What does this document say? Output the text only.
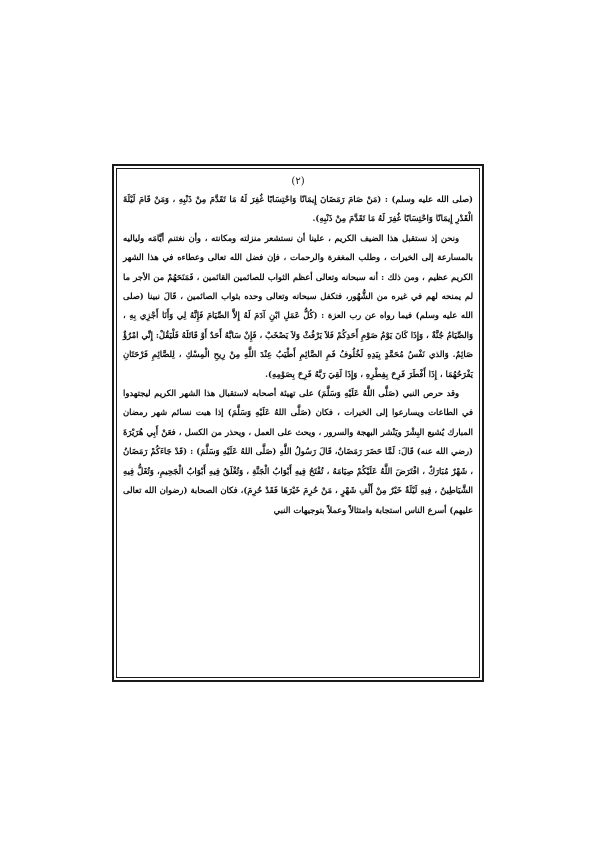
(٢)

(صلى الله عليه وسلم) : (مَنْ صَامَ رَمَضَانَ إِيمَانًا وَاحْتِسَابًا غُفِرَ لَهُ مَا تَقَدَّمَ مِنْ ذَنْبِهِ ، وَمَنْ قَامَ لَيْلَةَ الْقَدْرِ إِيمَانًا وَاحْتِسَابًا غُفِرَ لَهُ مَا تَقَدَّمَ مِنْ ذَنْبِهِ).

ونحن إذ نستقبل هذا الضيف الكريم ، علينا أن نستشعر منزلته ومكانته ، وأن نغتنم أيَّامَه ولياليه بالمسارعة إلى الخيرات ، وطلب المغفرة والرحمات ، فإن فضل الله تعالى وعطاءه في هذا الشهر الكريم عظيم ، ومن ذلك : أنه سبحانه وتعالى أعظم الثواب للصائمين القائمين ، فَمَنَحَهُمْ من الأجر ما لم يمنحه لهم في غيره من الشُّهُور، فتكفل سبحانه وتعالى وحده بثواب الصائمين ، قَالَ نبينا (صلى الله عليه وسلم) فيما رواه عن رب العزة : (كُلُّ عَمَلِ ابْنِ آدَمَ لَهُ إِلاَّ الصِّيَامَ فَإِنَّهُ لِي وَأَنَا أَجْزِي بِهِ ، وَالصِّيَامُ جُنَّةٌ ، وَإِذَا كَانَ يَوْمُ صَوْمِ أَحَدِكُمْ فَلاَ يَرْفُثْ وَلاَ يَصْخَبْ ، فَإِنْ سَابَّهُ أَحَدٌ أَوْ قَاتَلَهُ فَلْيَقُلْ: إِنِّي امْرُؤٌ صَائِمٌ. وَالذي نَفْسُ مُحَمَّدٍ بِيَدِهِ لَخُلُوفُ فَمِ الصَّائِمِ أَطْيَبُ عِنْدَ اللَّهِ مِنْ رِيحِ الْمِسْكِ ، لِلصَّائِمِ فَرْحَتَانِ يَفْرَحُهُمَا ، إِذَا أَفْطَرَ فَرِحَ بِفِطْرِهِ ، وَإِذَا لَقِيَ رَبَّهُ فَرِحَ بِصَوْمِهِ).

وقد حرص النبي (صَلَّى اللَّهُ عَلَيْهِ وَسَلَّمَ) على تهيئة أصحابه لاستقبال هذا الشهر الكريم ليجتهدوا في الطاعات ويسارعوا إلى الخيرات ، فكان (صَلَّى اللهُ عَلَيْهِ وَسَلَّمَ) إذا هبت نسائم شهر رمضان المبارك يُشيع البِشْرَ ويَنْشر البهجة والسرور ، ويحث على العمل ، ويحذر من الكسل ، فعَنْ أَبِي هُرَيْرَةَ (رضي الله عنه) قَالَ: لَمَّا حَضَرَ رَمَضَانُ، قَالَ رَسُولُ اللَّهِ (صَلَّى اللهُ عَلَيْهِ وَسَلَّمَ) : (قَدْ جَاءَكُمْ رَمَضَانُ ، شَهْرٌ مُبَارَكٌ ، افْتَرَضَ اللَّهُ عَلَيْكُمْ صِيَامَهُ ، تُفْتَحُ فِيهِ أَبْوَابُ الْجَنَّةِ ، وَتُغْلَقُ فِيهِ أَبْوَابُ الْجَحِيمِ، وَتُغَلُّ فِيهِ الشَّيَاطِينُ ، فِيهِ لَيْلَةٌ خَيْرٌ مِنْ أَلْفِ شَهْرٍ ، مَنْ حُرِمَ خَيْرَهَا فَقَدْ حُرِمَ)، فكان الصحابة (رضوان الله تعالى عليهم) أسرع الناس استجابة وامتثالاً وعملاً بتوجيهات النبي
